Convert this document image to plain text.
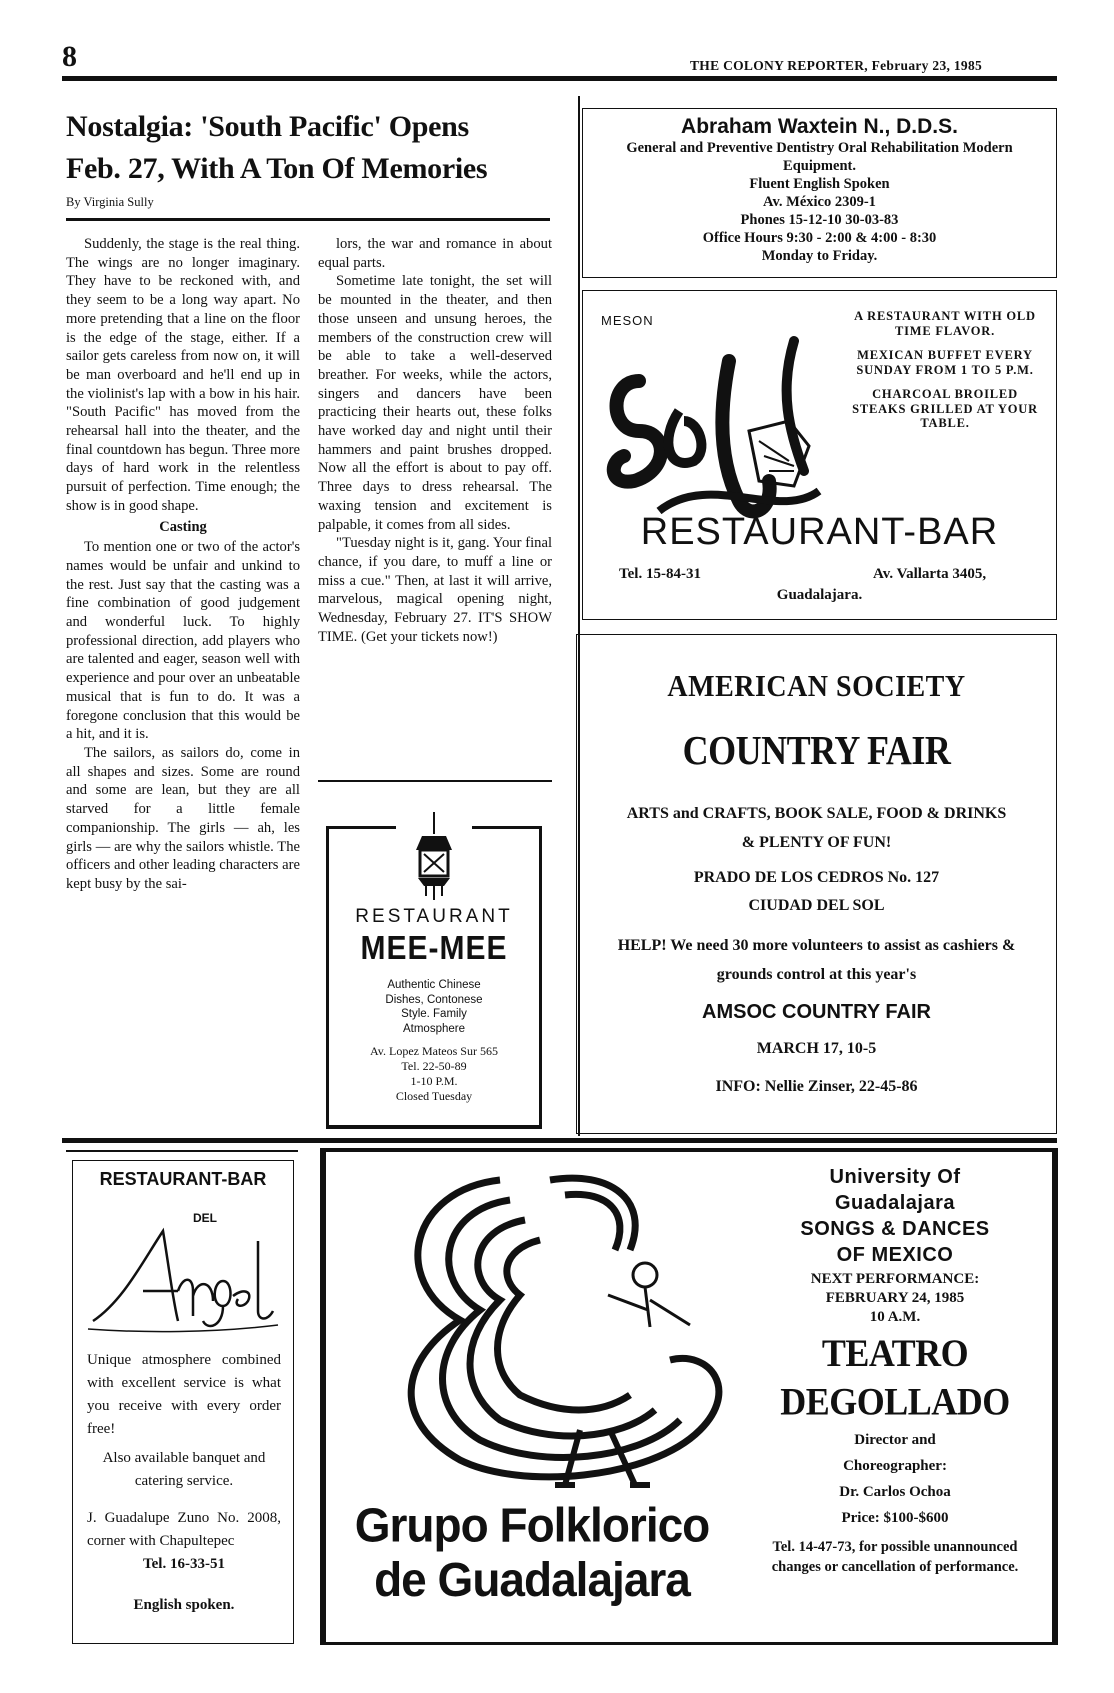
8	THE COLONY REPORTER, February 23, 1985
Nostalgia: 'South Pacific' Opens
Feb. 27, With A Ton Of Memories
By Virginia Sully

Suddenly, the stage is the real thing. The wings are no longer imaginary. They have to be reckoned with, and they seem to be a long way apart. No more pretending that a line on the floor is the edge of the stage, either. If a sailor gets careless from now on, it will be man overboard and he'll end up in the violinist's lap with a bow in his hair. "South Pacific" has moved from the rehearsal hall into the theater, and the final countdown has begun. Three more days of hard work in the relentless pursuit of perfection. Time enough; the show is in good shape.

Casting

To mention one or two of the actor's names would be unfair and unkind to the rest. Just say that the casting was a fine combination of good judgement and wonderful luck. To highly professional direction, add players who are talented and eager, season well with experience and pour over an unbeatable musical that is fun to do. It was a foregone conclusion that this would be a hit, and it is.

The sailors, as sailors do, come in all shapes and sizes. Some are round and some are lean, but they are all starved for a little female companionship. The girls — ah, les girls — are why the sailors whistle. The officers and other leading characters are kept busy by the sai-

lors, the war and romance in about equal parts.

Sometime late tonight, the set will be mounted in the theater, and then those unseen and unsung heroes, the members of the construction crew will be able to take a well-deserved breather. For weeks, while the actors, singers and dancers have been practicing their hearts out, these folks have worked day and night until their hammers and paint brushes dropped. Now all the effort is about to pay off. Three days to dress rehearsal. The waxing tension and excitement is palpable, it comes from all sides.

"Tuesday night is it, gang. Your final chance, if you dare, to muff a line or miss a cue." Then, at last it will arrive, marvelous, magical opening night, Wednesday, February 27. IT'S SHOW TIME. (Get your tickets now!)

Abraham Waxtein N., D.D.S.
General and Preventive Dentistry Oral Rehabilitation Modern Equipment.
Fluent English Spoken
Av. México 2309-1
Phones 15-12-10 30-03-83
Office Hours 9:30 - 2:00 & 4:00 - 8:30
Monday to Friday.
MESON	A RESTAURANT WITH OLD TIME FLAVOR.
MEXICAN BUFFET EVERY SUNDAY FROM 1 TO 5 P.M.
CHARCOAL BROILED STEAKS GRILLED AT YOUR TABLE.
RESTAURANT-BAR
Tel. 15-84-31	Av. Vallarta 3405,
Guadalajara.
AMERICAN SOCIETY
COUNTRY FAIR
ARTS and CRAFTS, BOOK SALE, FOOD & DRINKS & PLENTY OF FUN!
PRADO DE LOS CEDROS No. 127
CIUDAD DEL SOL
HELP! We need 30 more volunteers to assist as cashiers & grounds control at this year's
AMSOC COUNTRY FAIR
MARCH 17, 10-5
INFO: Nellie Zinser, 22-45-86
RESTAURANT
MEE-MEE
Authentic Chinese
Dishes, Contonese
Style. Family
Atmosphere
Av. Lopez Mateos Sur 565
Tel. 22-50-89
1-10 P.M.
Closed Tuesday
RESTAURANT-BAR
DEL
Unique atmosphere combined with excellent service is what you receive with every order free!
Also available banquet and catering service.
J. Guadalupe Zuno No. 2008, corner with Chapultepec
Tel. 16-33-51
English spoken.
Grupo Folklorico
de Guadalajara
University Of
Guadalajara
SONGS & DANCES
OF MEXICO
NEXT PERFORMANCE:
FEBRUARY 24, 1985
10 A.M.
TEATRO
DEGOLLADO
Director and
Choreographer:
Dr. Carlos Ochoa
Price: $100-$600
Tel. 14-47-73, for possible unannounced changes or cancellation of performance.
